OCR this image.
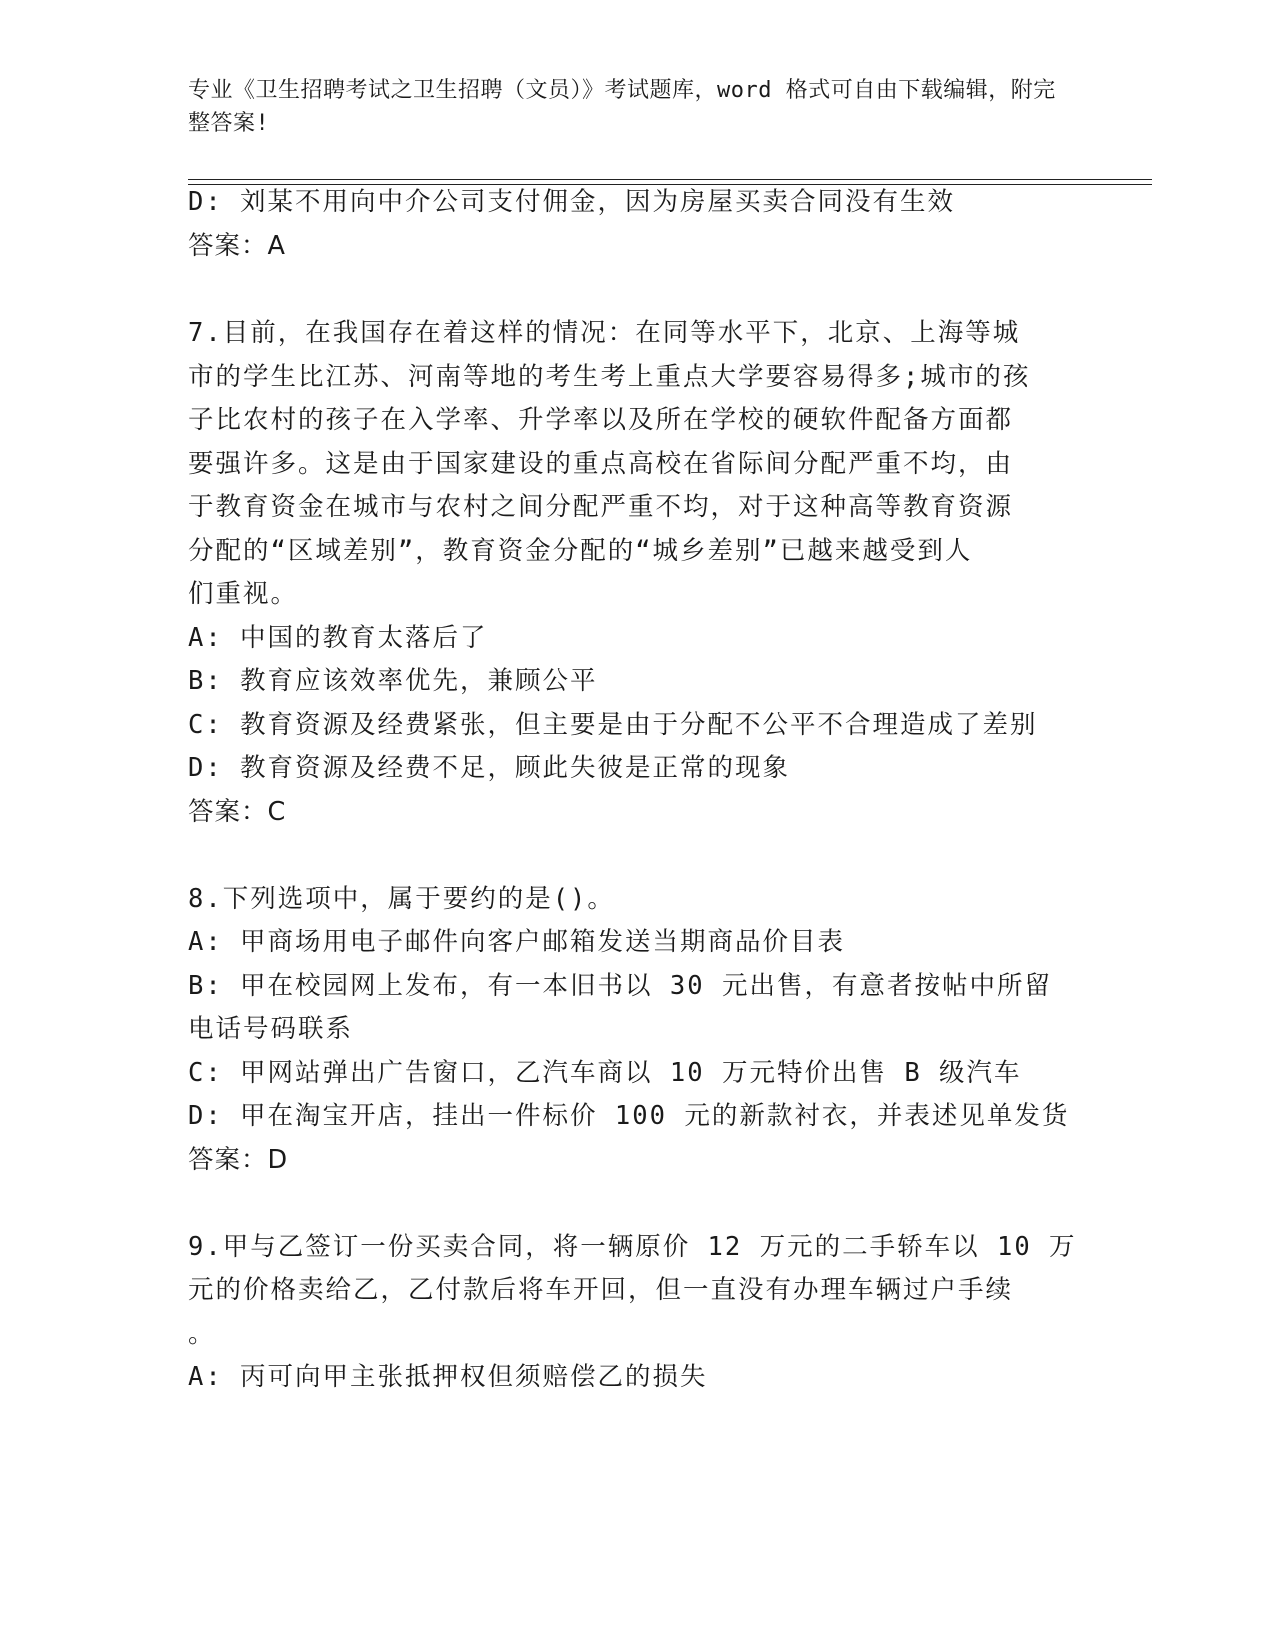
专业《卫生招聘考试之卫生招聘（文员）》考试题库，word 格式可自由下载编辑，附完整答案!
D: 刘某不用向中介公司支付佣金，因为房屋买卖合同没有生效
答案：A
7.目前，在我国存在着这样的情况：在同等水平下，北京、上海等城
市的学生比江苏、河南等地的考生考上重点大学要容易得多;城市的孩
子比农村的孩子在入学率、升学率以及所在学校的硬软件配备方面都
要强许多。这是由于国家建设的重点高校在省际间分配严重不均，由
于教育资金在城市与农村之间分配严重不均，对于这种高等教育资源
分配的“区域差别”，教育资金分配的“城乡差别”已越来越受到人
们重视。
A: 中国的教育太落后了
B: 教育应该效率优先，兼顾公平
C: 教育资源及经费紧张，但主要是由于分配不公平不合理造成了差别
D: 教育资源及经费不足，顾此失彼是正常的现象
答案：C
8.下列选项中，属于要约的是()。
A: 甲商场用电子邮件向客户邮箱发送当期商品价目表
B: 甲在校园网上发布，有一本旧书以 30 元出售，有意者按帖中所留
电话号码联系
C: 甲网站弹出广告窗口，乙汽车商以 10 万元特价出售 B 级汽车
D: 甲在淘宝开店，挂出一件标价 100 元的新款衬衣，并表述见单发货
答案：D
9.甲与乙签订一份买卖合同，将一辆原价 12 万元的二手轿车以 10 万
元的价格卖给乙，乙付款后将车开回，但一直没有办理车辆过户手续
。
A: 丙可向甲主张抵押权但须赔偿乙的损失
